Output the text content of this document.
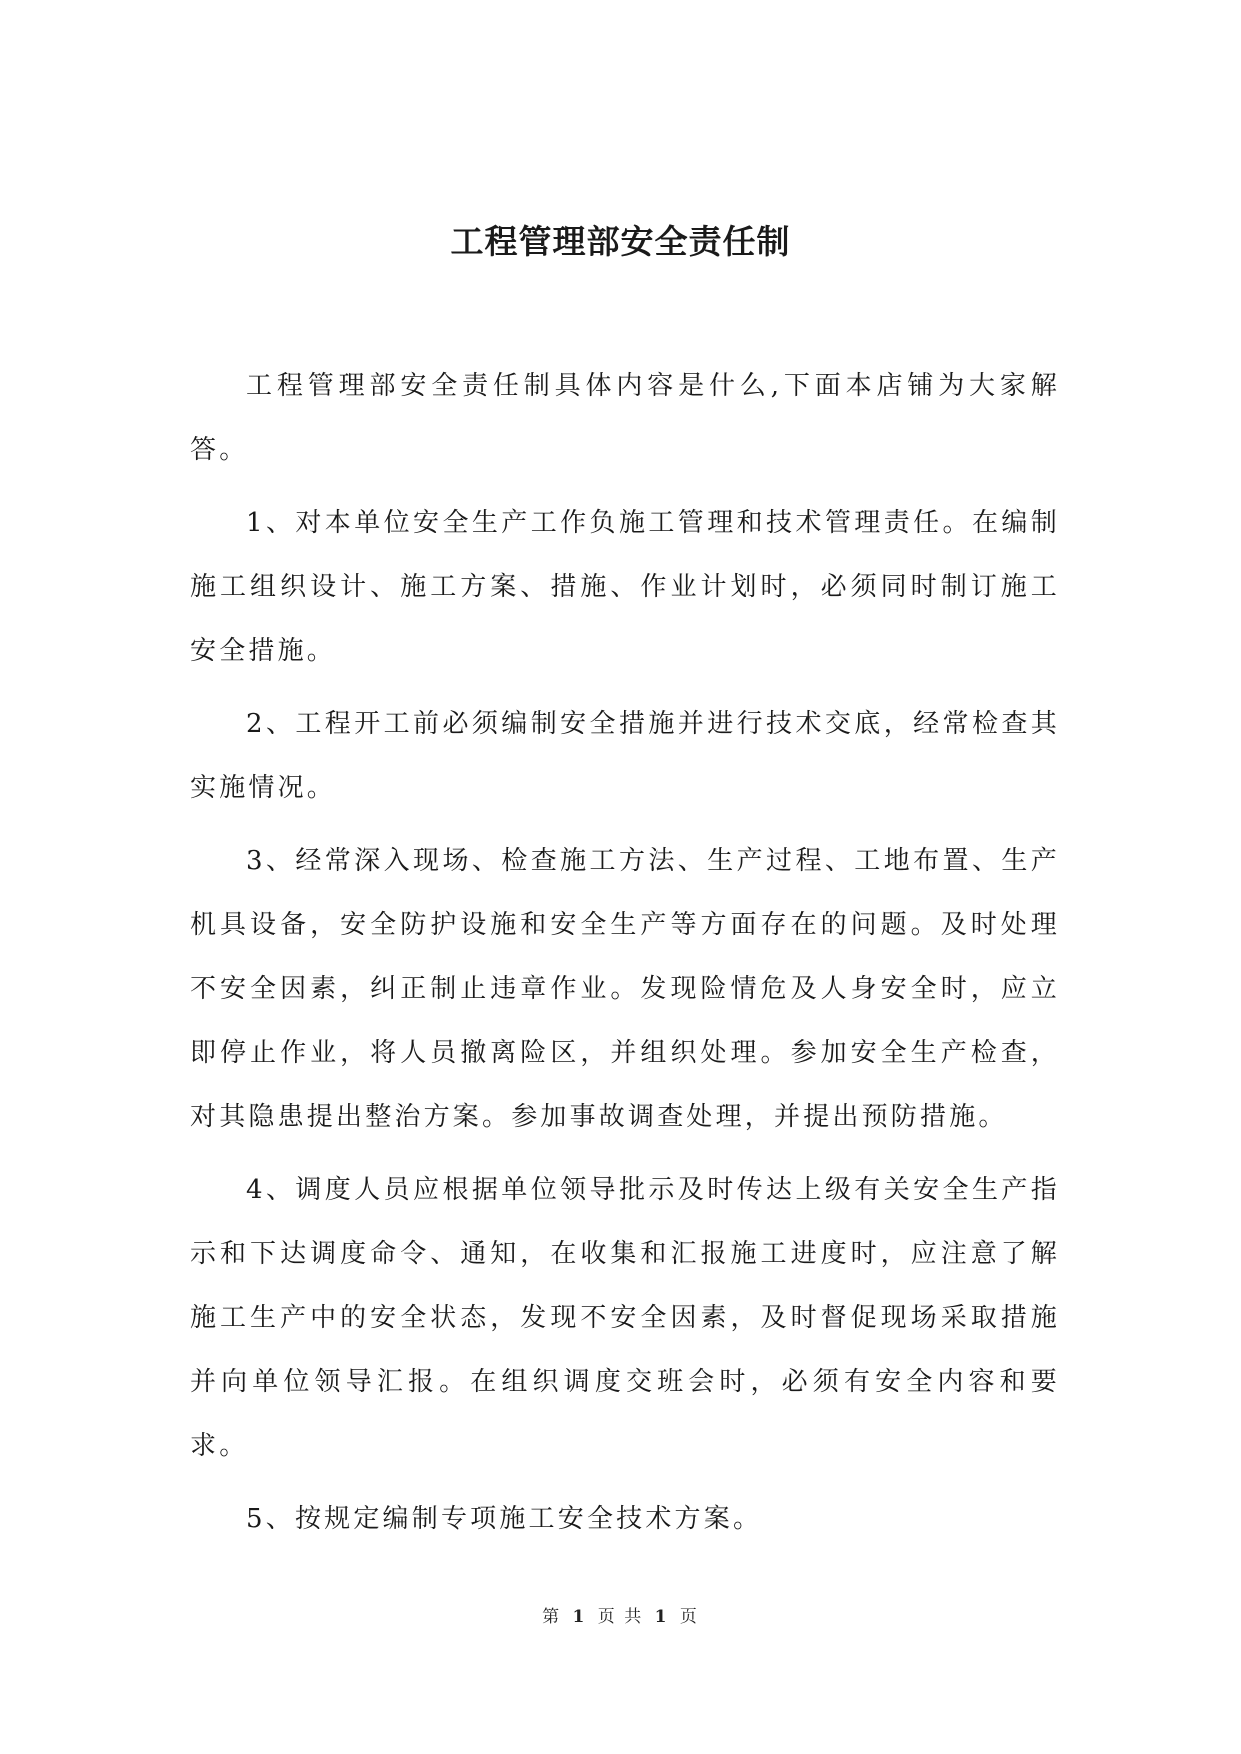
工程管理部安全责任制

工程管理部安全责任制具体内容是什么,下面本店铺为大家解答。

1、对本单位安全生产工作负施工管理和技术管理责任。在编制施工组织设计、施工方案、措施、作业计划时，必须同时制订施工安全措施。

2、工程开工前必须编制安全措施并进行技术交底，经常检查其实施情况。

3、经常深入现场、检查施工方法、生产过程、工地布置、生产机具设备，安全防护设施和安全生产等方面存在的问题。及时处理不安全因素，纠正制止违章作业。发现险情危及人身安全时，应立即停止作业，将人员撤离险区，并组织处理。参加安全生产检查，对其隐患提出整治方案。参加事故调查处理，并提出预防措施。

4、调度人员应根据单位领导批示及时传达上级有关安全生产指示和下达调度命令、通知，在收集和汇报施工进度时，应注意了解施工生产中的安全状态，发现不安全因素，及时督促现场采取措施并向单位领导汇报。在组织调度交班会时，必须有安全内容和要求。

5、按规定编制专项施工安全技术方案。

第 1 页 共 1 页
